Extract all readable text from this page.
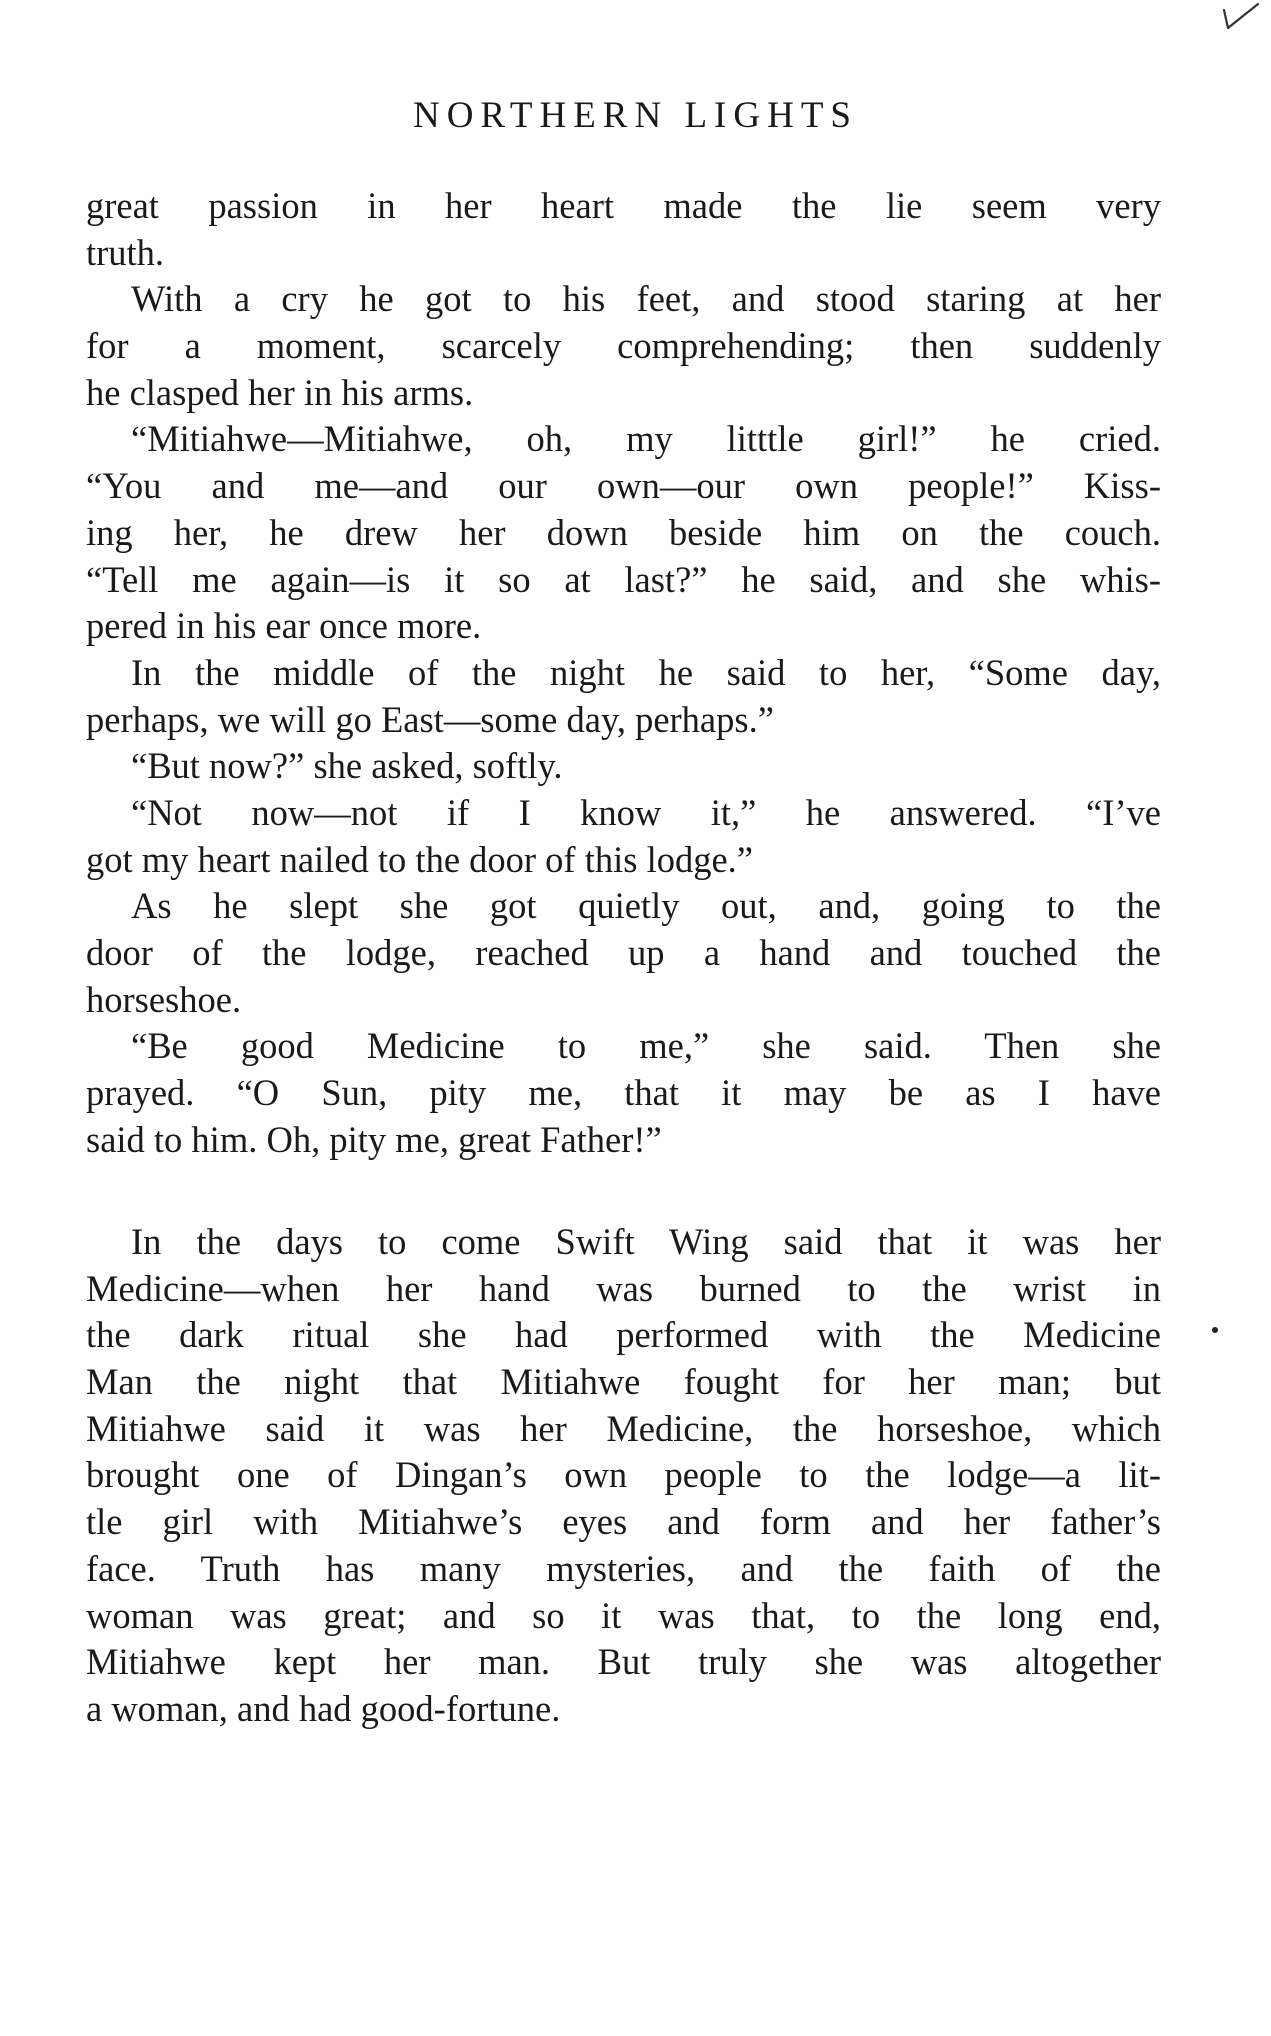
NORTHERN LIGHTS
great passion in her heart made the lie seem very
truth.
With a cry he got to his feet, and stood staring at her
for a moment, scarcely comprehending; then suddenly
he clasped her in his arms.
“Mitiahwe—Mitiahwe, oh, my litttle girl!” he cried.
“You and me—and our own—our own people!” Kiss-
ing her, he drew her down beside him on the couch.
“Tell me again—is it so at last?” he said, and she whis-
pered in his ear once more.
In the middle of the night he said to her, “Some day,
perhaps, we will go East—some day, perhaps.”
“But now?” she asked, softly.
“Not now—not if I know it,” he answered. “I’ve
got my heart nailed to the door of this lodge.”
As he slept she got quietly out, and, going to the
door of the lodge, reached up a hand and touched the
horseshoe.
“Be good Medicine to me,” she said. Then she
prayed. “O Sun, pity me, that it may be as I have
said to him. Oh, pity me, great Father!”
In the days to come Swift Wing said that it was her
Medicine—when her hand was burned to the wrist in
the dark ritual she had performed with the Medicine
Man the night that Mitiahwe fought for her man; but
Mitiahwe said it was her Medicine, the horseshoe, which
brought one of Dingan’s own people to the lodge—a lit-
tle girl with Mitiahwe’s eyes and form and her father’s
face. Truth has many mysteries, and the faith of the
woman was great; and so it was that, to the long end,
Mitiahwe kept her man. But truly she was altogether
a woman, and had good-fortune.
